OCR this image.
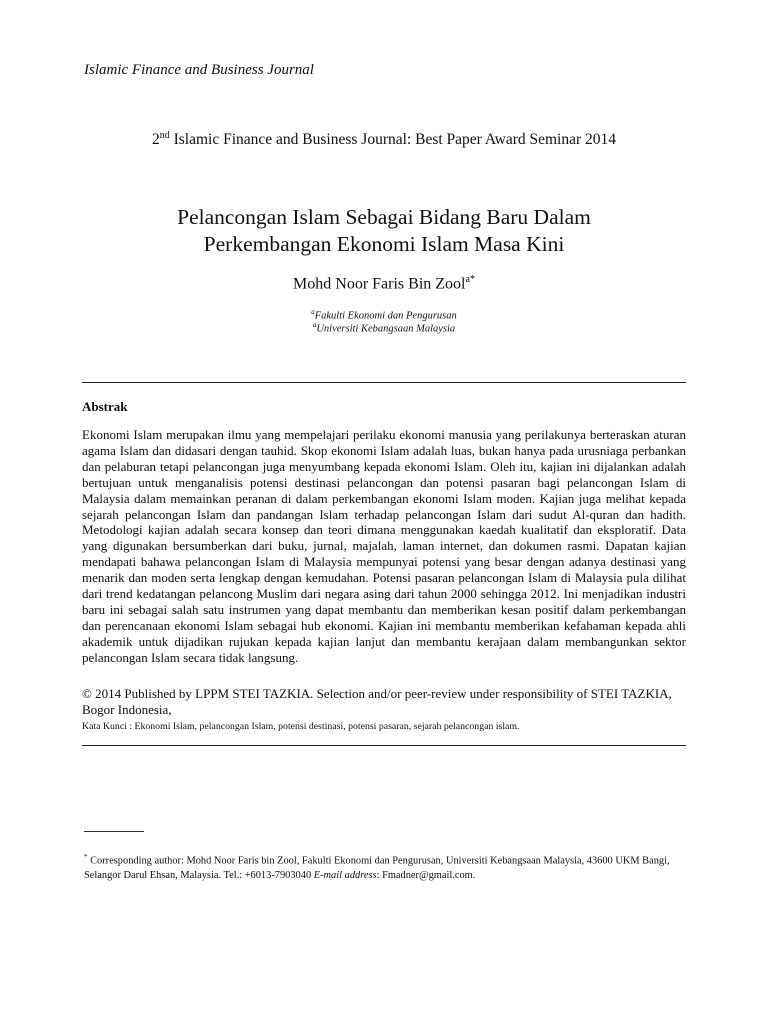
Islamic Finance and Business Journal
2nd Islamic Finance and Business Journal: Best Paper Award Seminar 2014
Pelancongan Islam Sebagai Bidang Baru Dalam
Perkembangan Ekonomi Islam Masa Kini
Mohd Noor Faris Bin Zool$^{a*}$
$^a$Fakulti Ekonomi dan Pengurusan
$^a$Universiti Kebangsaan Malaysia
Abstrak
Ekonomi Islam merupakan ilmu yang mempelajari perilaku ekonomi manusia yang perilakunya berteraskan aturan agama Islam dan didasari dengan tauhid. Skop ekonomi Islam adalah luas, bukan hanya pada urusniaga perbankan dan pelaburan tetapi pelancongan juga menyumbang kepada ekonomi Islam. Oleh itu, kajian ini dijalankan adalah bertujuan untuk menganalisis potensi destinasi pelancongan dan potensi pasaran bagi pelancongan Islam di Malaysia dalam memainkan peranan di dalam perkembangan ekonomi Islam moden. Kajian juga melihat kepada sejarah pelancongan Islam dan pandangan Islam terhadap pelancongan Islam dari sudut Al-quran dan hadith. Metodologi kajian adalah secara konsep dan teori dimana menggunakan kaedah kualitatif dan eksploratif. Data yang digunakan bersumberkan dari buku, jurnal, majalah, laman internet, dan dokumen rasmi. Dapatan kajian mendapati bahawa pelancongan Islam di Malaysia mempunyai potensi yang besar dengan adanya destinasi yang menarik dan moden serta lengkap dengan kemudahan. Potensi pasaran pelancongan Islam di Malaysia pula dilihat dari trend kedatangan pelancong Muslim dari negara asing dari tahun 2000 sehingga 2012. Ini menjadikan industri baru ini sebagai salah satu instrumen yang dapat membantu dan memberikan kesan positif dalam perkembangan dan perencanaan ekonomi Islam sebagai hub ekonomi. Kajian ini membantu memberikan kefahaman kepada ahli akademik untuk dijadikan rujukan kepada kajian lanjut dan membantu kerajaan dalam membangunkan sektor pelancongan Islam secara tidak langsung.
© 2014 Published by LPPM STEI TAZKIA. Selection and/or peer-review under responsibility of STEI TAZKIA, Bogor Indonesia,
Kata Kunci : Ekonomi Islam, pelancongan Islam, potensi destinasi, potensi pasaran, sejarah pelancongan islam.
* Corresponding author: Mohd Noor Faris bin Zool, Fakulti Ekonomi dan Pengurusan, Universiti Kebangsaan Malaysia, 43600 UKM Bangi, Selangor Darul Ehsan, Malaysia. Tel.: +6013-7903040 E-mail address: Fmadner@gmail.com.
